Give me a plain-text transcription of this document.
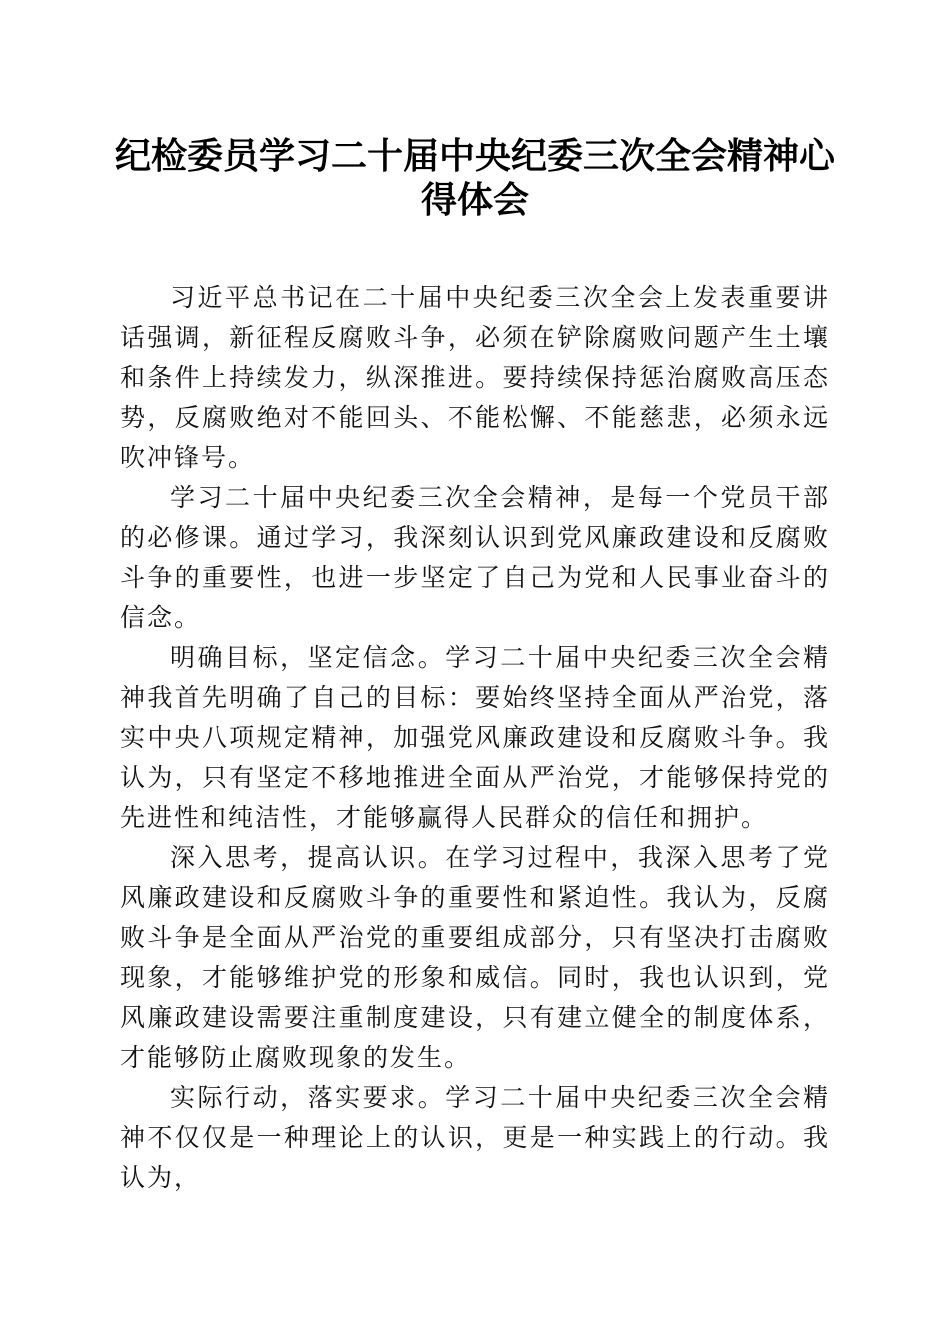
纪检委员学习二十届中央纪委三次全会精神心得体会

习近平总书记在二十届中央纪委三次全会上发表重要讲话强调，新征程反腐败斗争，必须在铲除腐败问题产生土壤和条件上持续发力，纵深推进。要持续保持惩治腐败高压态势，反腐败绝对不能回头、不能松懈、不能慈悲，必须永远吹冲锋号。

学习二十届中央纪委三次全会精神，是每一个党员干部的必修课。通过学习，我深刻认识到党风廉政建设和反腐败斗争的重要性，也进一步坚定了自己为党和人民事业奋斗的信念。

明确目标，坚定信念。学习二十届中央纪委三次全会精神我首先明确了自己的目标：要始终坚持全面从严治党，落实中央八项规定精神，加强党风廉政建设和反腐败斗争。我认为，只有坚定不移地推进全面从严治党，才能够保持党的先进性和纯洁性，才能够赢得人民群众的信任和拥护。

深入思考，提高认识。在学习过程中，我深入思考了党风廉政建设和反腐败斗争的重要性和紧迫性。我认为，反腐败斗争是全面从严治党的重要组成部分，只有坚决打击腐败现象，才能够维护党的形象和威信。同时，我也认识到，党风廉政建设需要注重制度建设，只有建立健全的制度体系，才能够防止腐败现象的发生。

实际行动，落实要求。学习二十届中央纪委三次全会精神不仅仅是一种理论上的认识，更是一种实践上的行动。我认为，
